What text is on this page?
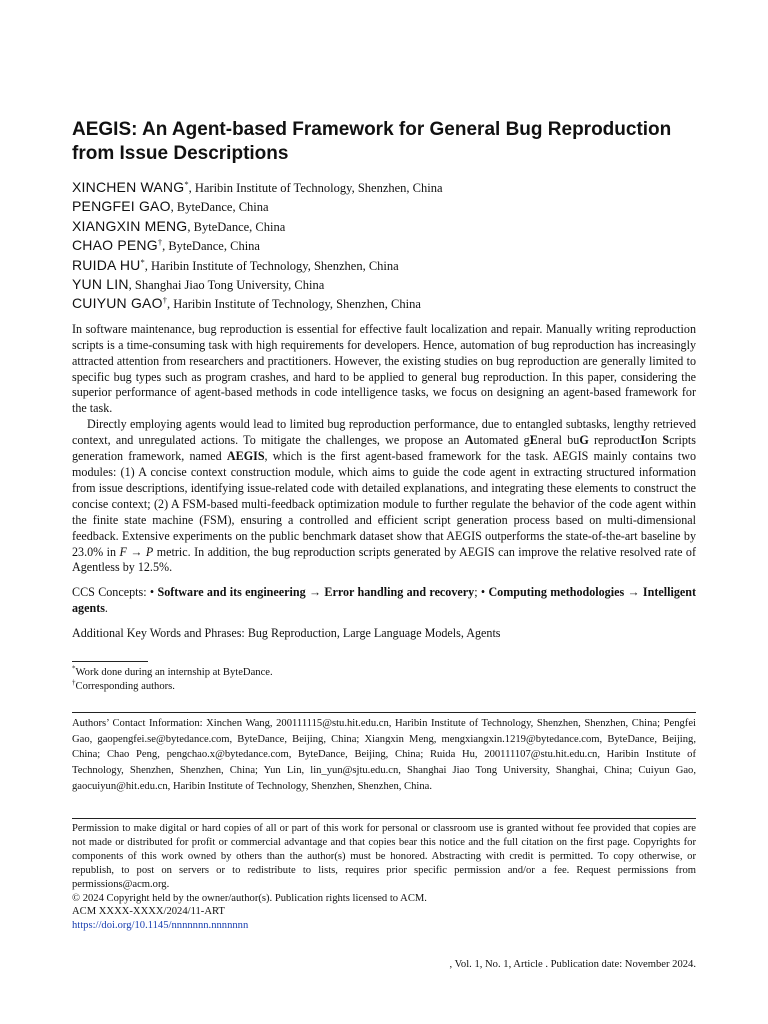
AEGIS: An Agent-based Framework for General Bug Reproduction from Issue Descriptions
XINCHEN WANG*, Haribin Institute of Technology, Shenzhen, China
PENGFEI GAO, ByteDance, China
XIANGXIN MENG, ByteDance, China
CHAO PENG†, ByteDance, China
RUIDA HU*, Haribin Institute of Technology, Shenzhen, China
YUN LIN, Shanghai Jiao Tong University, China
CUIYUN GAO†, Haribin Institute of Technology, Shenzhen, China

In software maintenance, bug reproduction is essential for effective fault localization and repair. Manually writing reproduction scripts is a time-consuming task with high requirements for developers. Hence, automation of bug reproduction has increasingly attracted attention from researchers and practitioners. However, the existing studies on bug reproduction are generally limited to specific bug types such as program crashes, and hard to be applied to general bug reproduction. In this paper, considering the superior performance of agent-based methods in code intelligence tasks, we focus on designing an agent-based framework for the task.

Directly employing agents would lead to limited bug reproduction performance, due to entangled subtasks, lengthy retrieved context, and unregulated actions. To mitigate the challenges, we propose an Automated gEneral buG reproductIon Scripts generation framework, named AEGIS, which is the first agent-based framework for the task. AEGIS mainly contains two modules: (1) A concise context construction module, which aims to guide the code agent in extracting structured information from issue descriptions, identifying issue-related code with detailed explanations, and integrating these elements to construct the concise context; (2) A FSM-based multi-feedback optimization module to further regulate the behavior of the code agent within the finite state machine (FSM), ensuring a controlled and efficient script generation process based on multi-dimensional feedback. Extensive experiments on the public benchmark dataset show that AEGIS outperforms the state-of-the-art baseline by 23.0% in F → P metric. In addition, the bug reproduction scripts generated by AEGIS can improve the relative resolved rate of Agentless by 12.5%.

CCS Concepts: • Software and its engineering → Error handling and recovery; • Computing methodologies → Intelligent agents.
Additional Key Words and Phrases: Bug Reproduction, Large Language Models, Agents
*Work done during an internship at ByteDance.
†Corresponding authors.
Authors’ Contact Information: Xinchen Wang, 200111115@stu.hit.edu.cn, Haribin Institute of Technology, Shenzhen, Shenzhen, China; Pengfei Gao, gaopengfei.se@bytedance.com, ByteDance, Beijing, China; Xiangxin Meng, mengxiangxin.1219@bytedance.com, ByteDance, Beijing, China; Chao Peng, pengchao.x@bytedance.com, ByteDance, Beijing, China; Ruida Hu, 200111107@stu.hit.edu.cn, Haribin Institute of Technology, Shenzhen, Shenzhen, China; Yun Lin, lin_yun@sjtu.edu.cn, Shanghai Jiao Tong University, Shanghai, China; Cuiyun Gao, gaocuiyun@hit.edu.cn, Haribin Institute of Technology, Shenzhen, Shenzhen, China.
Permission to make digital or hard copies of all or part of this work for personal or classroom use is granted without fee provided that copies are not made or distributed for profit or commercial advantage and that copies bear this notice and the full citation on the first page. Copyrights for components of this work owned by others than the author(s) must be honored. Abstracting with credit is permitted. To copy otherwise, or republish, to post on servers or to redistribute to lists, requires prior specific permission and/or a fee. Request permissions from permissions@acm.org.
© 2024 Copyright held by the owner/author(s). Publication rights licensed to ACM.
ACM XXXX-XXXX/2024/11-ART
https://doi.org/10.1145/nnnnnnn.nnnnnnn
, Vol. 1, No. 1, Article . Publication date: November 2024.
